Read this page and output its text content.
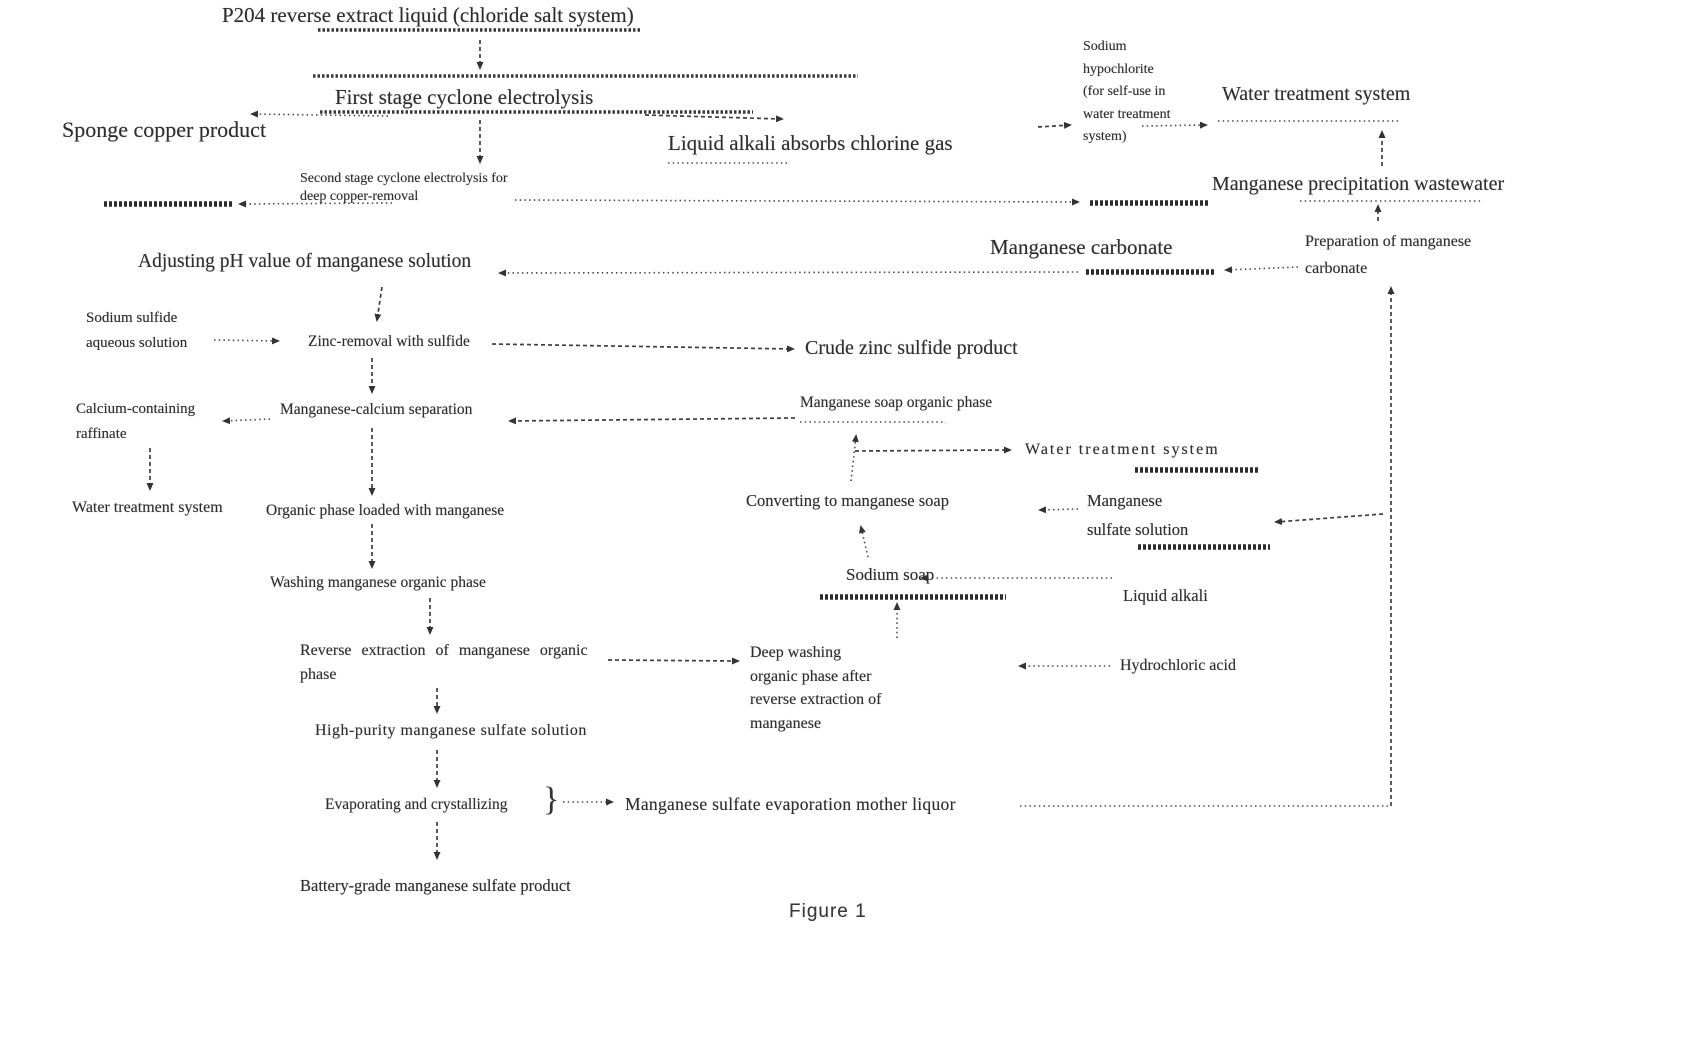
P204 reverse extract liquid (chloride salt system)
First stage cyclone electrolysis
Sponge copper product
Liquid alkali absorbs chlorine gas
Sodium
hypochlorite
(for self-use in
water treatment
system)
Water treatment system
Second stage cyclone electrolysis for
deep copper-removal
Manganese precipitation wastewater
Manganese carbonate	Preparation of manganese
carbonate
Adjusting pH value of manganese solution
Sodium sulfide
aqueous solution	Zinc-removal with sulfide	Crude zinc sulfide product
Calcium-containing
raffinate
Manganese-calcium separation	Manganese soap organic phase
Water treatment system
Water treatment system	Organic phase loaded with manganese
Converting to manganese soap	Manganese
sulfate solution
Washing manganese organic phase	Sodium soap
Liquid alkali
Reverse extraction of manganese organic
phase
Deep washing
organic phase after
reverse extraction of
manganese
Hydrochloric acid
High-purity manganese sulfate solution
Evaporating and crystallizing }	Manganese sulfate evaporation mother liquor
Battery-grade manganese sulfate product
Figure 1
